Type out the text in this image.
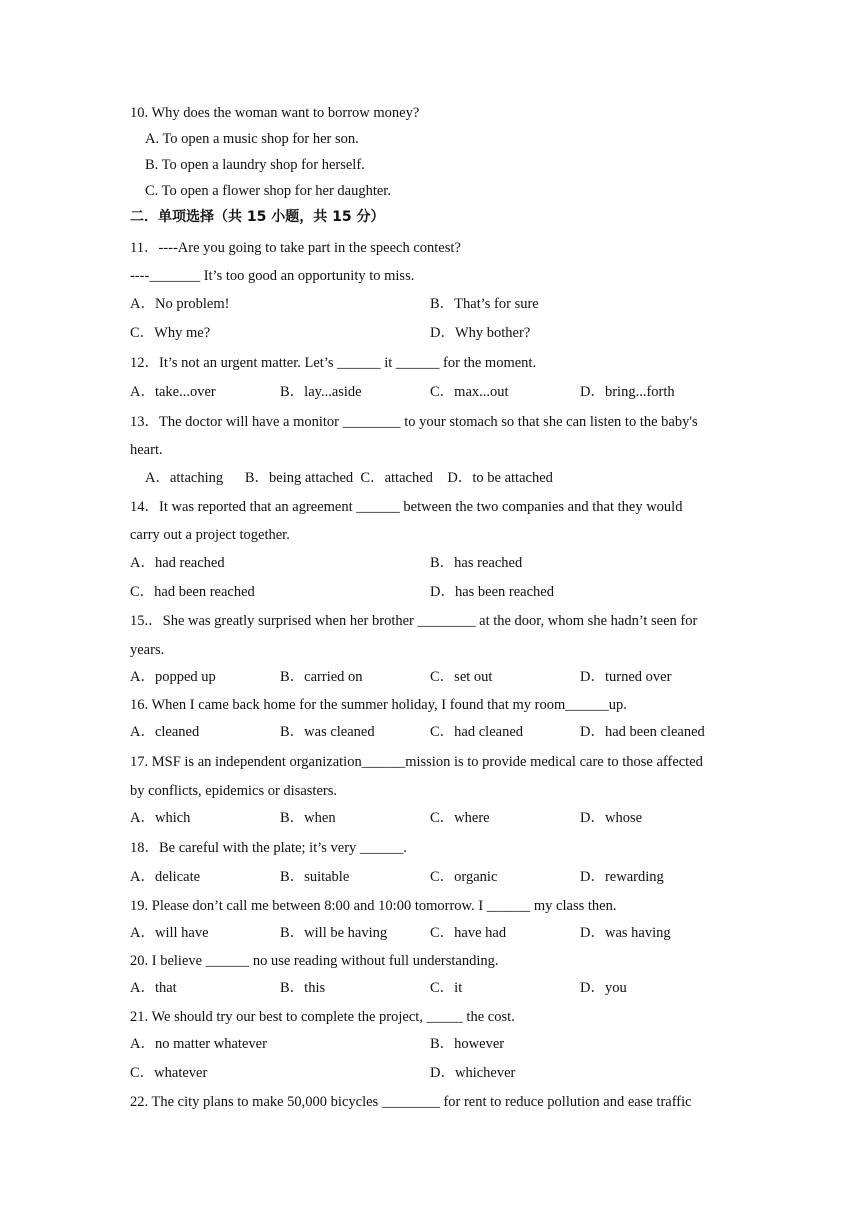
10. Why does the woman want to borrow money?
A. To open a music shop for her son.
B. To open a laundry shop for herself.
C. To open a flower shop for her daughter.
二．单项选择（共 15 小题，共 15 分）
11．----Are you going to take part in the speech contest?
----_______ It’s too good an opportunity to miss.
A．No problem!	B．That’s for sure
C．Why me?	D．Why bother?
12．It’s not an urgent matter. Let’s ______ it ______ for the moment.
A．take...over	B．lay...aside	C．max...out	D．bring...forth
13．The doctor will have a monitor ________ to your stomach so that she can listen to the baby's
heart.
A．attaching      B．being attached  C．attached    D．to be attached
14．It was reported that an agreement ______ between the two companies and that they would
carry out a project together.
A．had reached	B．has reached
C．had been reached	D．has been reached
15.．She was greatly surprised when her brother ________ at the door, whom she hadn’t seen for
years.
A．popped up	B．carried on	C．set out	D．turned over
16. When I came back home for the summer holiday, I found that my room______up.
A．cleaned	B．was cleaned	C．had cleaned	D．had been cleaned
17. MSF is an independent organization______mission is to provide medical care to those affected
by conflicts, epidemics or disasters.
A．which	B．when	C．where	D．whose
18．Be careful with the plate; it’s very ______.
A．delicate	B．suitable	C．organic	D．rewarding
19. Please don’t call me between 8:00 and 10:00 tomorrow. I ______ my class then.
A．will have	B．will be having	C．have had	D．was having
20. I believe ______ no use reading without full understanding.
A．that	B．this	C．it	D．you
21. We should try our best to complete the project, _____ the cost.
A．no matter whatever	B．however
C．whatever	D．whichever
22. The city plans to make 50,000 bicycles ________ for rent to reduce pollution and ease traffic
